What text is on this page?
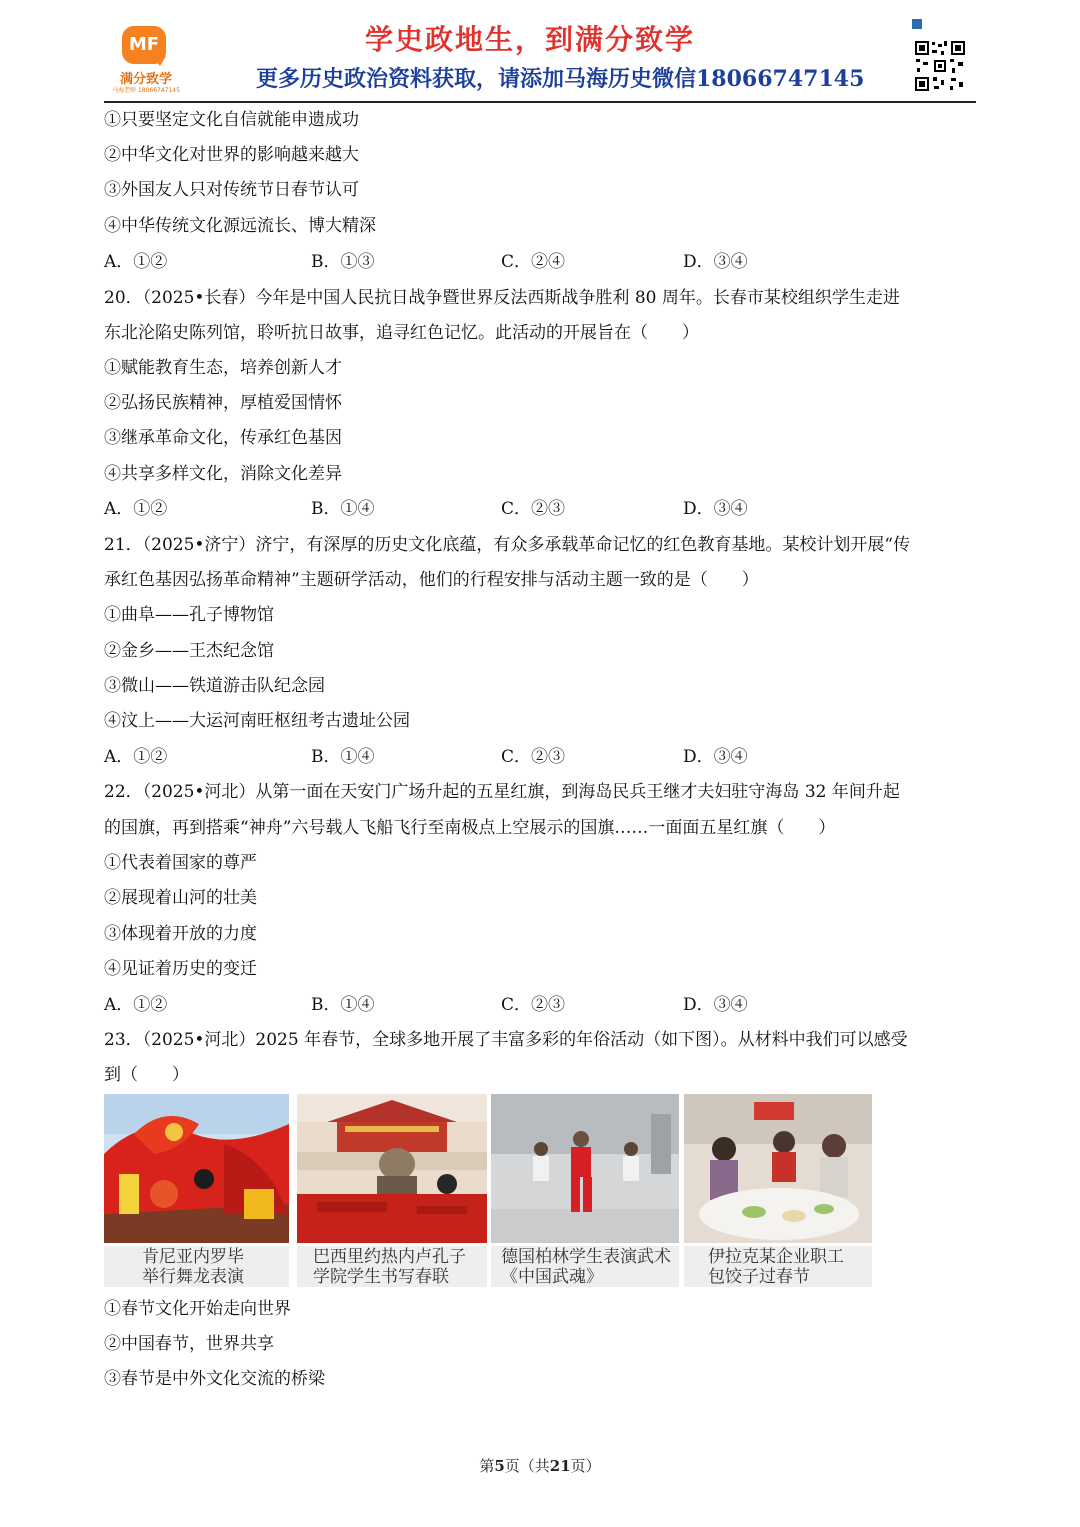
MF
满分致学
马海老师 18066747145
学史政地生，到满分致学
更多历史政治资料获取，请添加马海历史微信18066747145
①只要坚定文化自信就能申遗成功
②中华文化对世界的影响越来越大
③外国友人只对传统节日春节认可
④中华传统文化源远流长、博大精深
A．①②	B．①③	C．②④	D．③④
20．（2025•长春）今年是中国人民抗日战争暨世界反法西斯战争胜利 80 周年。长春市某校组织学生走进
东北沦陷史陈列馆，聆听抗日故事，追寻红色记忆。此活动的开展旨在（　　）
①赋能教育生态，培养创新人才
②弘扬民族精神，厚植爱国情怀
③继承革命文化，传承红色基因
④共享多样文化，消除文化差异
A．①②	B．①④	C．②③	D．③④
21．（2025•济宁）济宁，有深厚的历史文化底蕴，有众多承载革命记忆的红色教育基地。某校计划开展“传
承红色基因弘扬革命精神”主题研学活动，他们的行程安排与活动主题一致的是（　　）
①曲阜——孔子博物馆
②金乡——王杰纪念馆
③微山——铁道游击队纪念园
④汶上——大运河南旺枢纽考古遗址公园
A．①②	B．①④	C．②③	D．③④
22．（2025•河北）从第一面在天安门广场升起的五星红旗，到海岛民兵王继才夫妇驻守海岛 32 年间升起
的国旗，再到搭乘“神舟”六号载人飞船飞行至南极点上空展示的国旗……一面面五星红旗（　　）
①代表着国家的尊严
②展现着山河的壮美
③体现着开放的力度
④见证着历史的变迁
A．①②	B．①④	C．②③	D．③④
23．（2025•河北）2025 年春节，全球多地开展了丰富多彩的年俗活动（如下图）。从材料中我们可以感受
到（　　）
肯尼亚内罗毕
举行舞龙表演
巴西里约热内卢孔子
学院学生书写春联
德国柏林学生表演武术
《中国武魂》
伊拉克某企业职工
包饺子过春节
①春节文化开始走向世界
②中国春节，世界共享
③春节是中外文化交流的桥梁
第5页（共21页）
